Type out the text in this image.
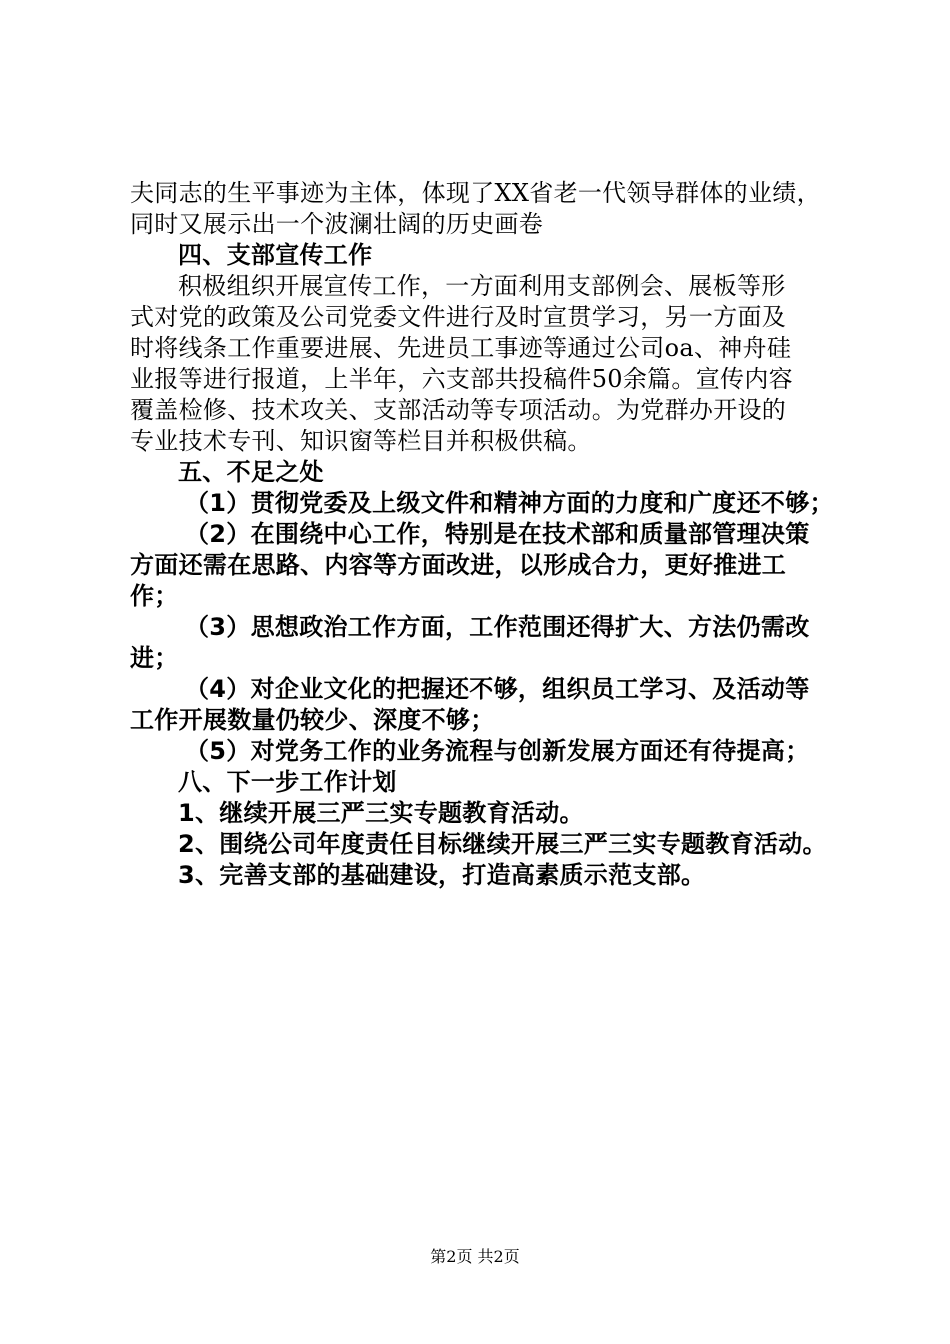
夫同志的生平事迹为主体，体现了XX省老一代领导群体的业绩，
同时又展示出一个波澜壮阔的历史画卷
四、支部宣传工作
积极组织开展宣传工作，一方面利用支部例会、展板等形
式对党的政策及公司党委文件进行及时宣贯学习，另一方面及
时将线条工作重要进展、先进员工事迹等通过公司oa、神舟硅
业报等进行报道，上半年，六支部共投稿件50余篇。宣传内容
覆盖检修、技术攻关、支部活动等专项活动。为党群办开设的
专业技术专刊、知识窗等栏目并积极供稿。
五、不足之处
（1）贯彻党委及上级文件和精神方面的力度和广度还不够；
（2）在围绕中心工作，特别是在技术部和质量部管理决策
方面还需在思路、内容等方面改进，以形成合力，更好推进工
作；
（3）思想政治工作方面，工作范围还得扩大、方法仍需改
进；
（4）对企业文化的把握还不够，组织员工学习、及活动等
工作开展数量仍较少、深度不够；
（5）对党务工作的业务流程与创新发展方面还有待提高；
八、下一步工作计划
1、继续开展三严三实专题教育活动。
2、围绕公司年度责任目标继续开展三严三实专题教育活动。
3、完善支部的基础建设，打造高素质示范支部。
第2页 共2页
